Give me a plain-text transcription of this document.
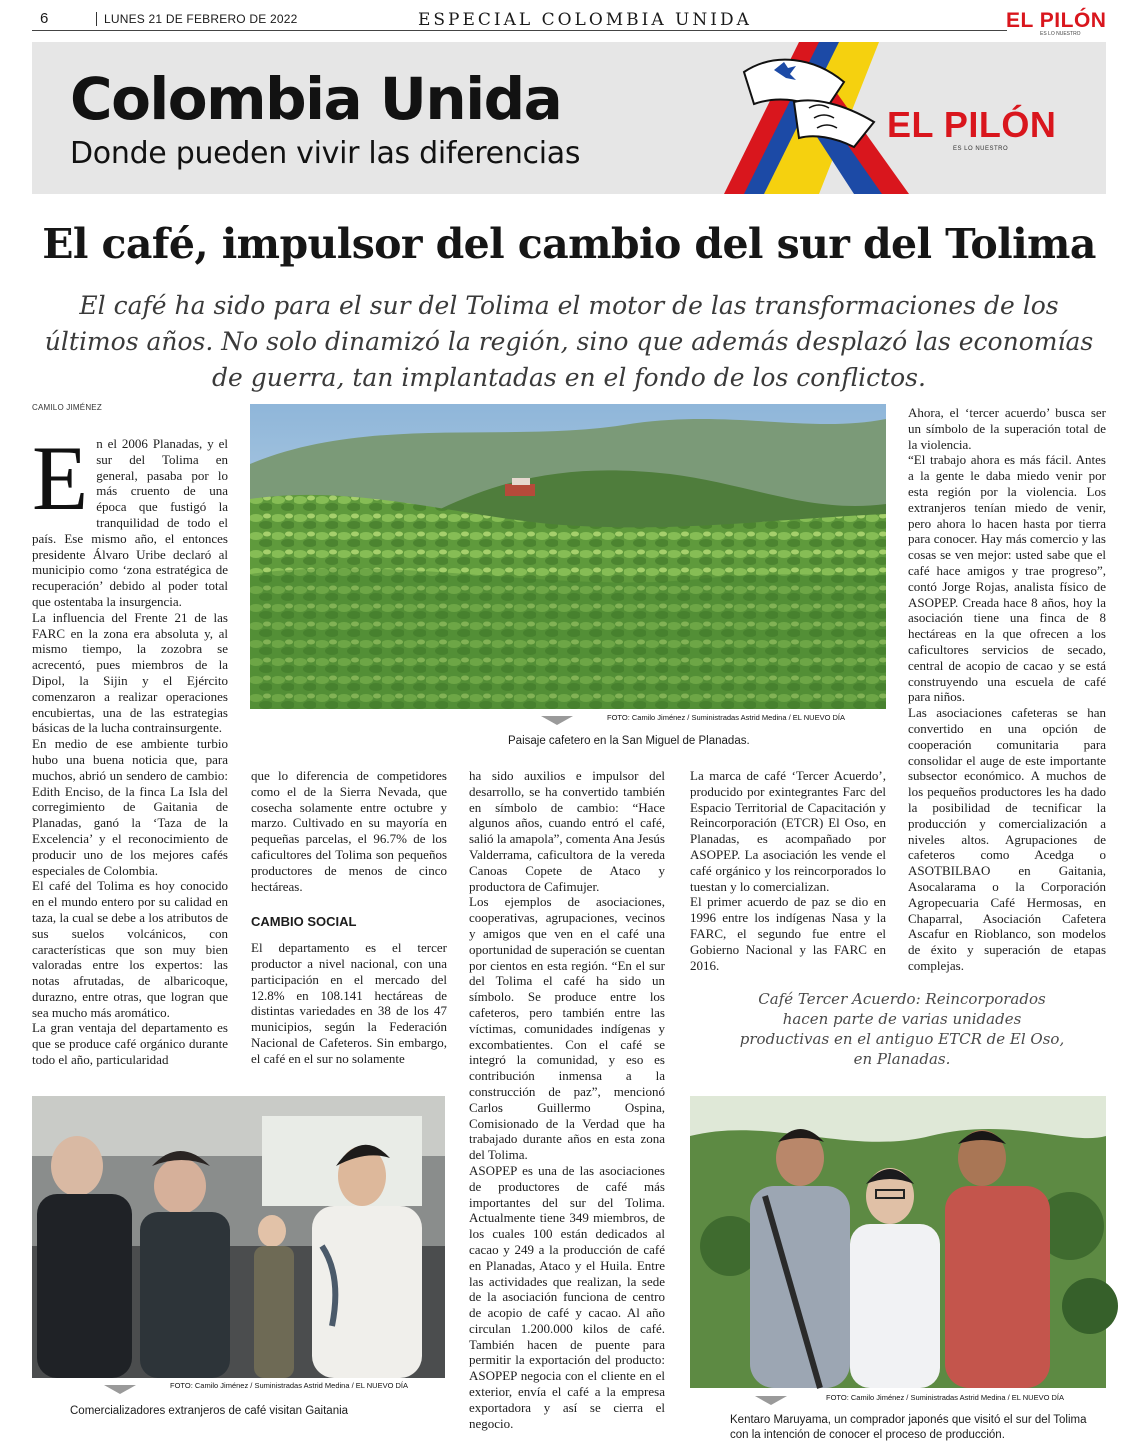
6	LUNES 21 DE FEBRERO DE 2022	ESPECIAL COLOMBIA UNIDA	EL PILÓN
ES LO NUESTRO
Colombia Unida
Donde pueden vivir las diferencias
EL PILÓN
ES LO NUESTRO
El café, impulsor del cambio del sur del Tolima
El café ha sido para el sur del Tolima el motor de las transformaciones de los últimos años. No solo dinamizó la región, sino que además desplazó las economías de guerra, tan implantadas en el fondo de los conflictos.
CAMILO JIMÉNEZ
E n el 2006 Planadas, y el sur del Tolima en general, pasaba por lo más cruento de una época que fustigó la tranquilidad de todo el país. Ese mismo año, el entonces presidente Álvaro Uribe declaró al municipio como ‘zona estratégica de recuperación’ debido al poder total que ostentaba la insurgencia.

La influencia del Frente 21 de las FARC en la zona era absoluta y, al mismo tiempo, la zozobra se acrecentó, pues miembros de la Dipol, la Sijin y el Ejército comenzaron a realizar operaciones encubiertas, una de las estrategias básicas de la lucha contrainsurgente.

En medio de ese ambiente turbio hubo una buena noticia que, para muchos, abrió un sendero de cambio: Edith Enciso, de la finca La Isla del corregimiento de Gaitania de Planadas, ganó la ‘Taza de la Excelencia’ y el reconocimiento de producir uno de los mejores cafés especiales de Colombia.

El café del Tolima es hoy conocido en el mundo entero por su calidad en taza, la cual se debe a los atributos de sus suelos volcánicos, con características que son muy bien valoradas entre los expertos: las notas afrutadas, de albaricoque, durazno, entre otras, que logran que sea mucho más aromático.

La gran ventaja del departamento es que se produce café orgánico durante todo el año, particularidad

FOTO: Camilo Jiménez / Suministradas Astrid Medina / EL NUEVO DÍA
Paisaje cafetero en la San Miguel de Planadas.

que lo diferencia de competidores como el de la Sierra Nevada, que cosecha solamente entre octubre y marzo. Cultivado en su mayoría en pequeñas parcelas, el 96.7% de los caficultores del Tolima son pequeños productores de menos de cinco hectáreas.

CAMBIO SOCIAL

El departamento es el tercer productor a nivel nacional, con una participación en el mercado del 12.8% en 108.141 hectáreas de distintas variedades en 38 de los 47 municipios, según la Federación Nacional de Cafeteros. Sin embargo, el café en el sur no solamente

ha sido auxilios e impulsor del desarrollo, se ha convertido también en símbolo de cambio: “Hace algunos años, cuando entró el café, salió la amapola”, comenta Ana Jesús Valderrama, caficultora de la vereda Canoas Copete de Ataco y productora de Cafimujer.

Los ejemplos de asociaciones, cooperativas, agrupaciones, vecinos y amigos que ven en el café una oportunidad de superación se cuentan por cientos en esta región. “En el sur del Tolima el café ha sido un símbolo. Se produce entre los cafeteros, pero también entre las víctimas, comunidades indígenas y excombatientes. Con el café se integró la comunidad, y eso es contribución inmensa a la construcción de paz”, mencionó Carlos Guillermo Ospina, Comisionado de la Verdad que ha trabajado durante años en esta zona del Tolima.

ASOPEP es una de las asociaciones de productores de café más importantes del sur del Tolima. Actualmente tiene 349 miembros, de los cuales 100 están dedicados al cacao y 249 a la producción de café en Planadas, Ataco y el Huila. Entre las actividades que realizan, la sede de la asociación funciona de centro de acopio de café y cacao. Al año circulan 1.200.000 kilos de café. También hacen de puente para permitir la exportación del producto: ASOPEP negocia con el cliente en el exterior, envía el café a la empresa exportadora y así se cierra el negocio.

La marca de café ‘Tercer Acuerdo’, producido por exintegrantes Farc del Espacio Territorial de Capacitación y Reincorporación (ETCR) El Oso, en Planadas, es acompañado por ASOPEP. La asociación les vende el café orgánico y los reincorporados lo tuestan y lo comercializan.

El primer acuerdo de paz se dio en 1996 entre los indígenas Nasa y la FARC, el segundo fue entre el Gobierno Nacional y las FARC en 2016.

Ahora, el ‘tercer acuerdo’ busca ser un símbolo de la superación total de la violencia.

“El trabajo ahora es más fácil. Antes a la gente le daba miedo venir por esta región por la violencia. Los extranjeros tenían miedo de venir, pero ahora lo hacen hasta por tierra para conocer. Hay más comercio y las cosas se ven mejor: usted sabe que el café hace amigos y trae progreso”, contó Jorge Rojas, analista físico de ASOPEP. Creada hace 8 años, hoy la asociación tiene una finca de 8 hectáreas en la que ofrecen a los caficultores servicios de secado, central de acopio de cacao y se está construyendo una escuela de café para niños.

Las asociaciones cafeteras se han convertido en una opción de cooperación comunitaria para consolidar el auge de este importante subsector económico. A muchos de los pequeños productores les ha dado la posibilidad de tecnificar la producción y comercialización a niveles altos. Agrupaciones de cafeteros como Acedga o ASOTBILBAO en Gaitania, Asocalarama o la Corporación Agropecuaria Café Hermosas, en Chaparral, Asociación Cafetera Ascafur en Rioblanco, son modelos de éxito y superación de etapas complejas.

Café Tercer Acuerdo: Reincorporados hacen parte de varias unidades productivas en el antiguo ETCR de El Oso, en Planadas.
FOTO: Camilo Jiménez / Suministradas Astrid Medina / EL NUEVO DÍA
Comercializadores extranjeros de café visitan Gaitania
FOTO: Camilo Jiménez / Suministradas Astrid Medina / EL NUEVO DÍA
Kentaro Maruyama, un comprador japonés que visitó el sur del Tolima con la intención de conocer el proceso de producción.
